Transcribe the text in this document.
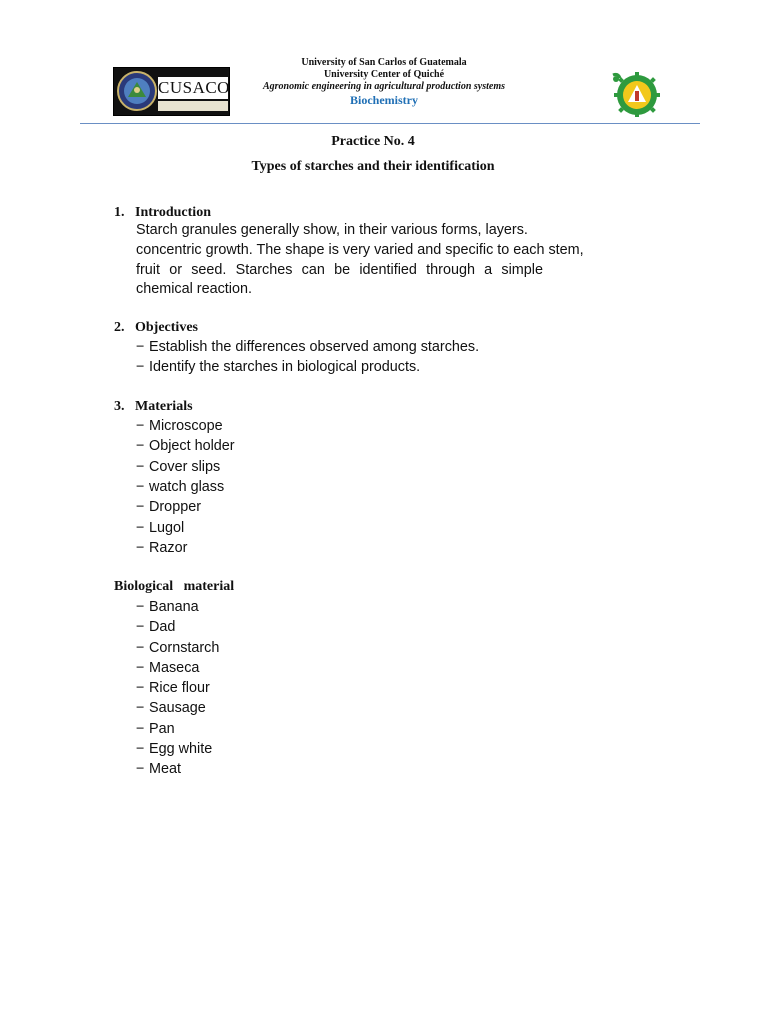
University of San Carlos of Guatemala
University Center of Quiché
Agronomic engineering in agricultural production systems
Biochemistry
CUSACO
Practice No. 4
Types of starches and their identification
1. Introduction
Starch granules generally show, in their various forms, layers.
concentric growth. The shape is very varied and specific to each stem,
fruit or seed. Starches can be identified through a simple
chemical reaction.
2. Objectives
− Establish the differences observed among starches.
− Identify the starches in biological products.
3. Materials
− Microscope
− Object holder
− Cover slips
− watch glass
− Dropper
− Lugol
− Razor
Biological   material
− Banana
− Dad
− Cornstarch
− Maseca
− Rice flour
− Sausage
− Pan
− Egg white
− Meat
